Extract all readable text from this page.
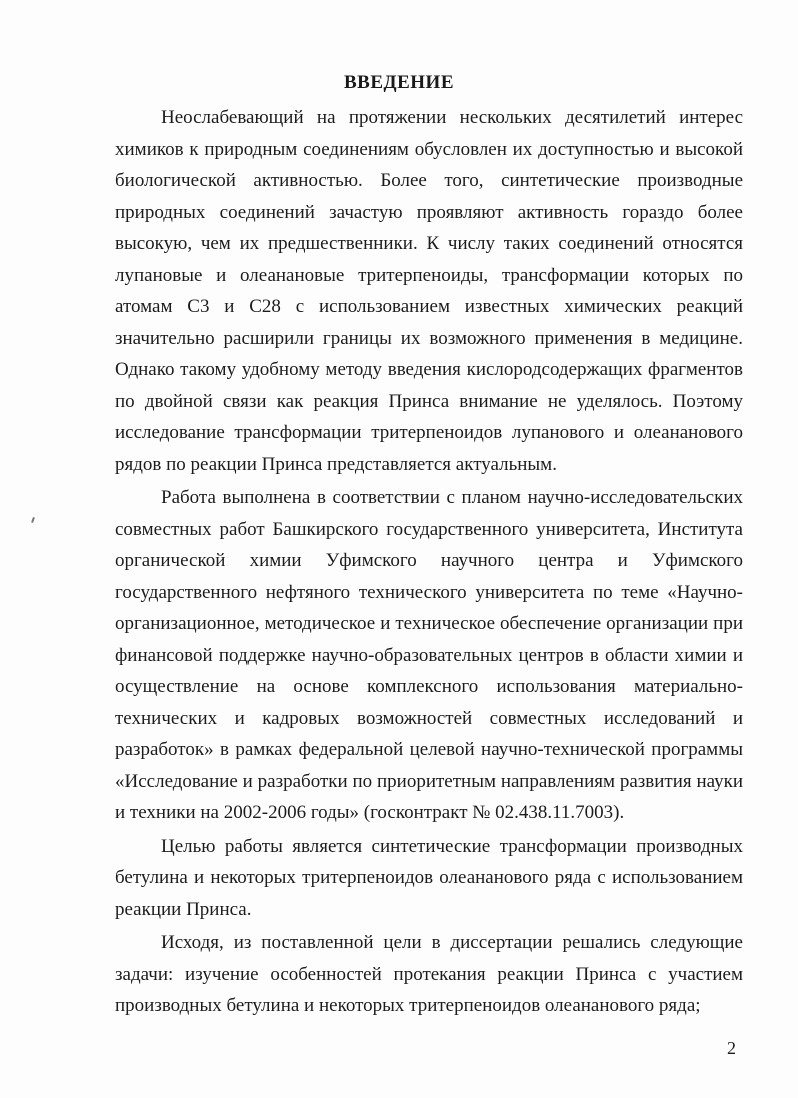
ВВЕДЕНИЕ

Неослабевающий на протяжении нескольких десятилетий интерес химиков к природным соединениям обусловлен их доступностью и высокой биологической активностью. Более того, синтетические производные природных соединений зачастую проявляют активность гораздо более высокую, чем их предшественники. К числу таких соединений относятся лупановые и олеанановые тритерпеноиды, трансформации которых по атомам С3 и С28 с использованием известных химических реакций значительно расширили границы их возможного применения в медицине. Однако такому удобному методу введения кислородсодержащих фрагментов по двойной связи как реакция Принса внимание не уделялось. Поэтому исследование трансформации тритерпеноидов лупанового и олеананового рядов по реакции Принса представляется актуальным.

Работа выполнена в соответствии с планом научно-исследовательских совместных работ Башкирского государственного университета, Института органической химии Уфимского научного центра и Уфимского государственного нефтяного технического университета по теме «Научно-организационное, методическое и техническое обеспечение организации при финансовой поддержке научно-образовательных центров в области химии и осуществление на основе комплексного использования материально-технических и кадровых возможностей совместных исследований и разработок» в рамках федеральной целевой научно-технической программы «Исследование и разработки по приоритетным направлениям развития науки и техники на 2002-2006 годы» (госконтракт № 02.438.11.7003).

Целью работы является синтетические трансформации производных бетулина и некоторых тритерпеноидов олеананового ряда с использованием реакции Принса.

Исходя, из поставленной цели в диссертации решались следующие задачи: изучение особенностей протекания реакции Принса с участием производных бетулина и некоторых тритерпеноидов олеананового ряда;

2
